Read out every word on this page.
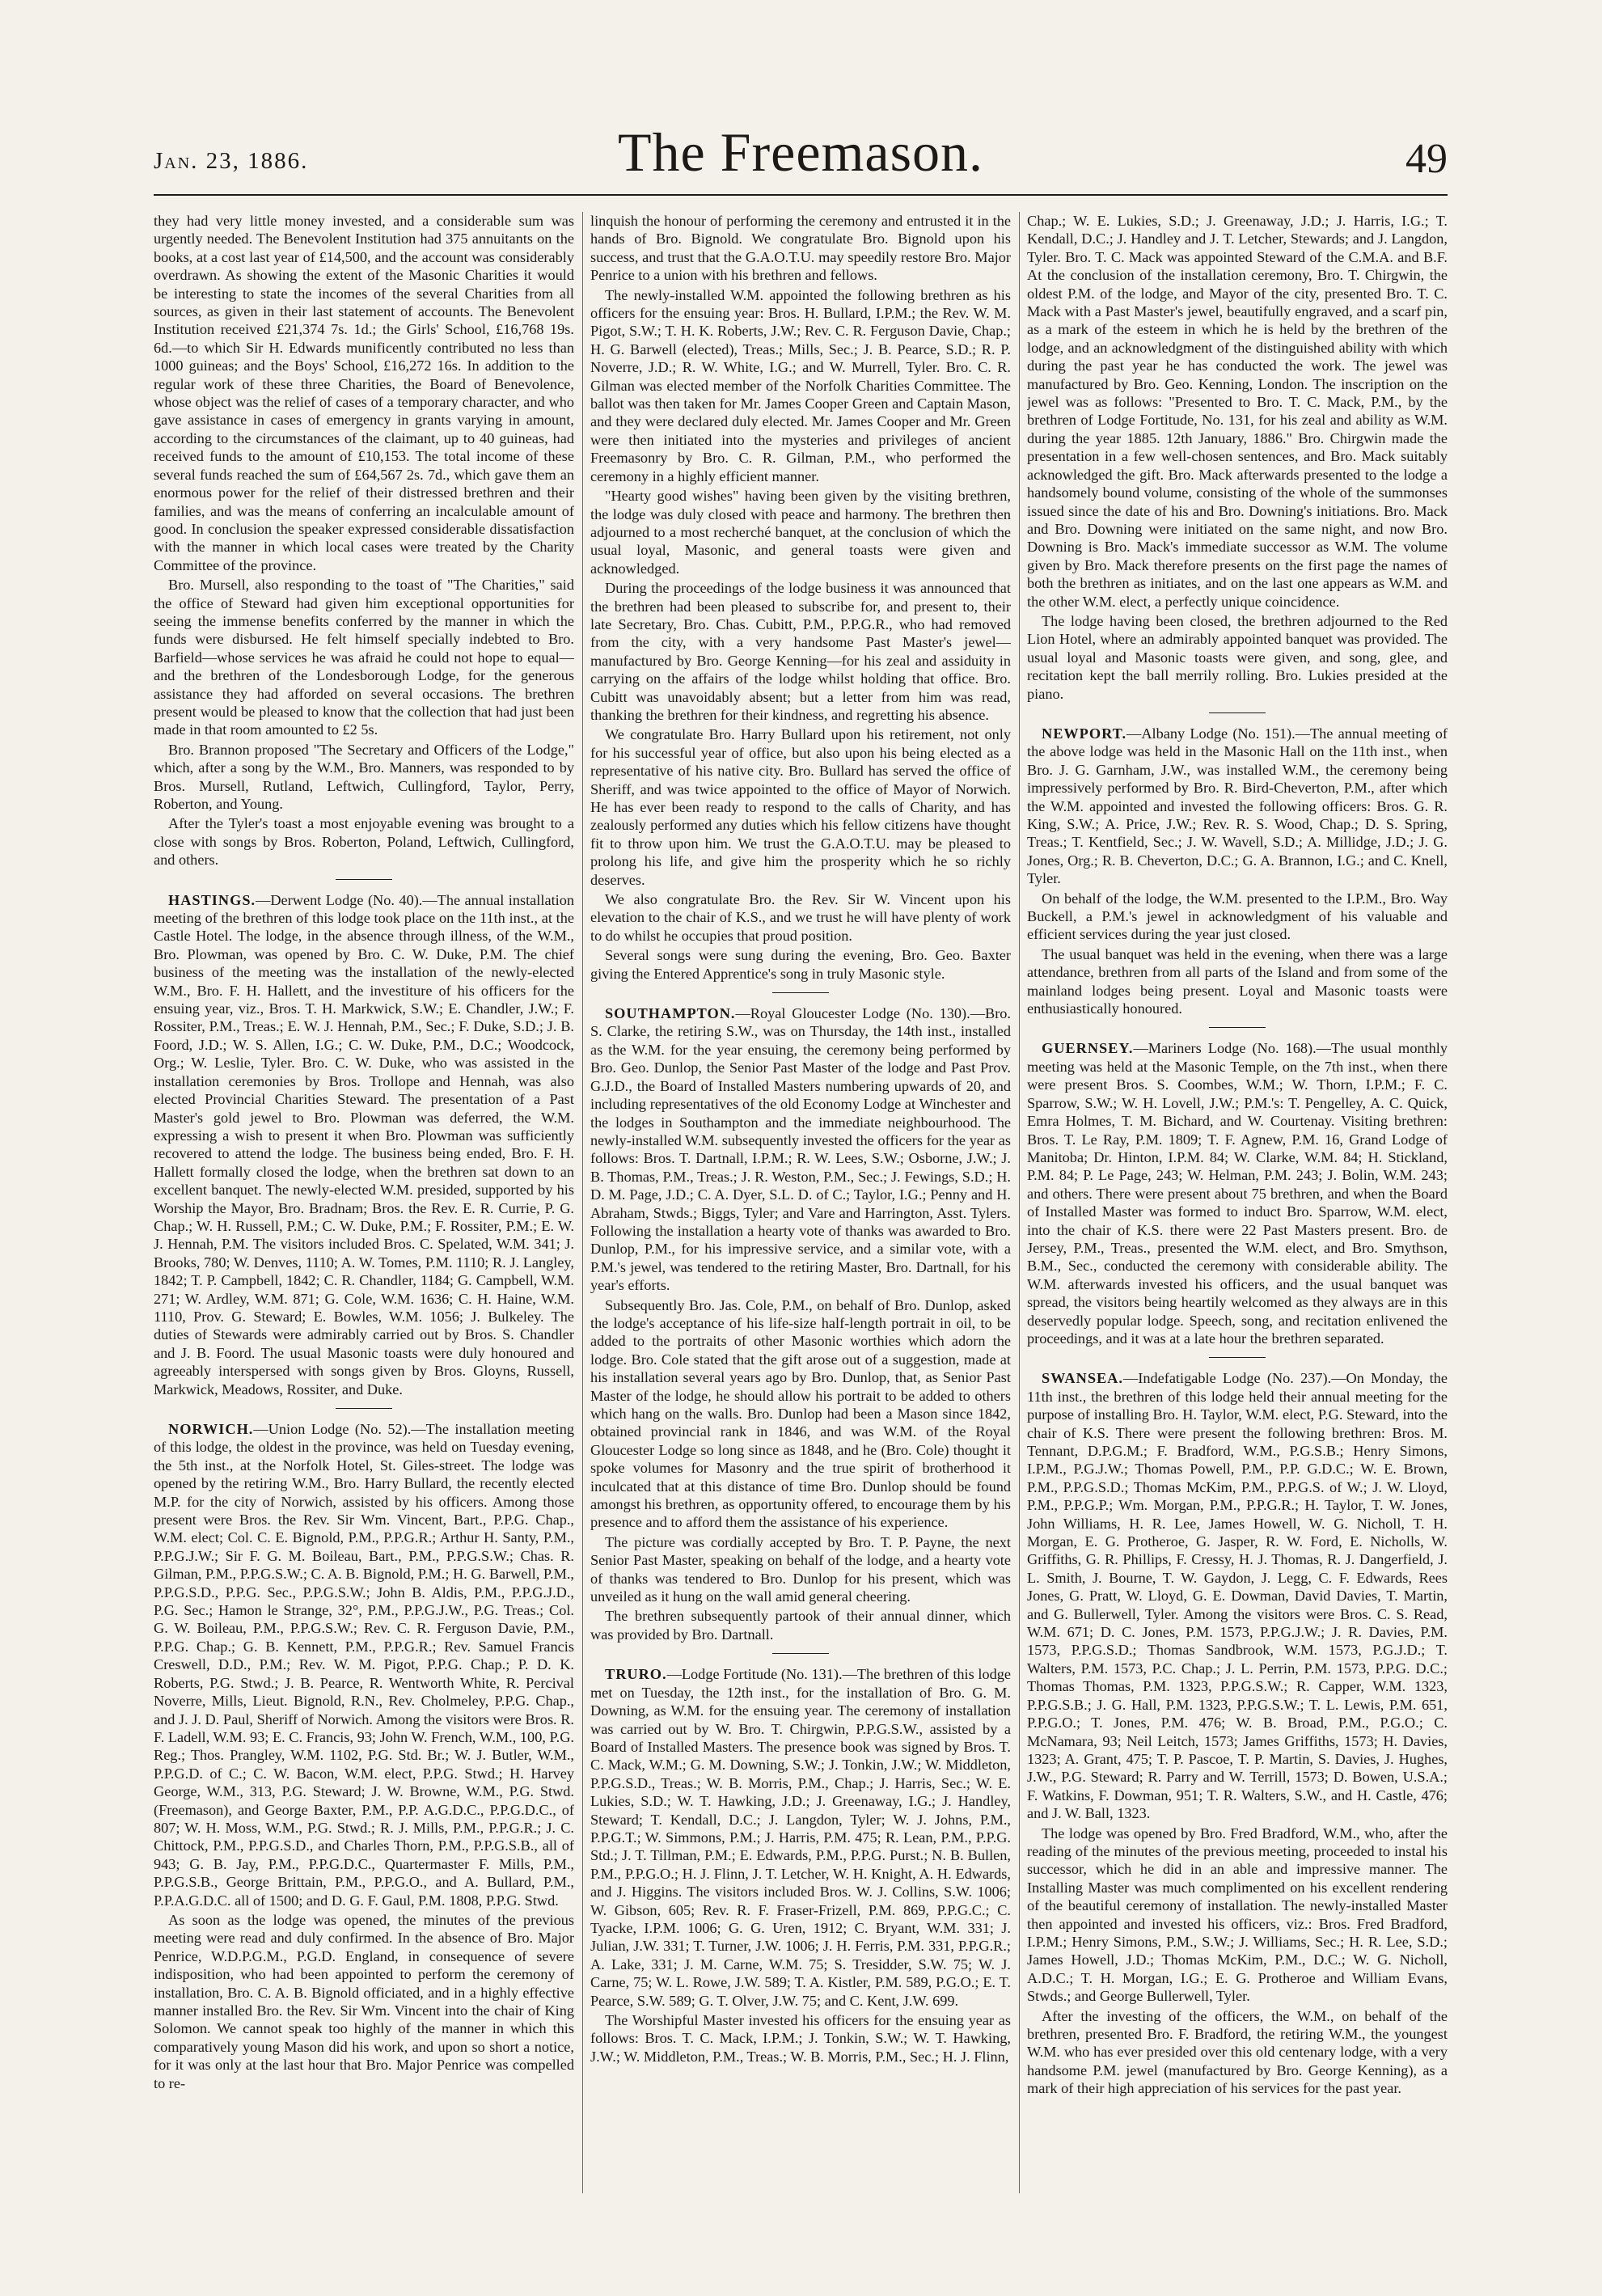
Jan. 23, 1886.	The Freemason.	49

they had very little money invested, and a considerable sum was urgently needed. The Benevolent Institution had 375 annuitants on the books, at a cost last year of £14,500, and the account was considerably overdrawn. As showing the extent of the Masonic Charities it would be interesting to state the incomes of the several Charities from all sources, as given in their last statement of accounts. The Benevolent Institution received £21,374 7s. 1d.; the Girls' School, £16,768 19s. 6d.—to which Sir H. Edwards munificently contributed no less than 1000 guineas; and the Boys' School, £16,272 16s. In addition to the regular work of these three Charities, the Board of Benevolence, whose object was the relief of cases of a temporary character, and who gave assistance in cases of emergency in grants varying in amount, according to the circumstances of the claimant, up to 40 guineas, had received funds to the amount of £10,153. The total income of these several funds reached the sum of £64,567 2s. 7d., which gave them an enormous power for the relief of their distressed brethren and their families, and was the means of conferring an incalculable amount of good. In conclusion the speaker expressed considerable dissatisfaction with the manner in which local cases were treated by the Charity Committee of the province.

Bro. Mursell, also responding to the toast of "The Charities," said the office of Steward had given him exceptional opportunities for seeing the immense benefits conferred by the manner in which the funds were disbursed. He felt himself specially indebted to Bro. Barfield—whose services he was afraid he could not hope to equal—and the brethren of the Londesborough Lodge, for the generous assistance they had afforded on several occasions. The brethren present would be pleased to know that the collection that had just been made in that room amounted to £2 5s.

Bro. Brannon proposed "The Secretary and Officers of the Lodge," which, after a song by the W.M., Bro. Manners, was responded to by Bros. Mursell, Rutland, Leftwich, Cullingford, Taylor, Perry, Roberton, and Young.

After the Tyler's toast a most enjoyable evening was brought to a close with songs by Bros. Roberton, Poland, Leftwich, Cullingford, and others.

HASTINGS.—Derwent Lodge (No. 40).—The annual installation meeting of the brethren of this lodge took place on the 11th inst., at the Castle Hotel. The lodge, in the absence through illness, of the W.M., Bro. Plowman, was opened by Bro. C. W. Duke, P.M. The chief business of the meeting was the installation of the newly-elected W.M., Bro. F. H. Hallett, and the investiture of his officers for the ensuing year, viz., Bros. T. H. Markwick, S.W.; E. Chandler, J.W.; F. Rossiter, P.M., Treas.; E. W. J. Hennah, P.M., Sec.; F. Duke, S.D.; J. B. Foord, J.D.; W. S. Allen, I.G.; C. W. Duke, P.M., D.C.; Woodcock, Org.; W. Leslie, Tyler. Bro. C. W. Duke, who was assisted in the installation ceremonies by Bros. Trollope and Hennah, was also elected Provincial Charities Steward. The presentation of a Past Master's gold jewel to Bro. Plowman was deferred, the W.M. expressing a wish to present it when Bro. Plowman was sufficiently recovered to attend the lodge. The business being ended, Bro. F. H. Hallett formally closed the lodge, when the brethren sat down to an excellent banquet. The newly-elected W.M. presided, supported by his Worship the Mayor, Bro. Bradnam; Bros. the Rev. E. R. Currie, P. G. Chap.; W. H. Russell, P.M.; C. W. Duke, P.M.; F. Rossiter, P.M.; E. W. J. Hennah, P.M. The visitors included Bros. C. Spelated, W.M. 341; J. Brooks, 780; W. Denves, 1110; A. W. Tomes, P.M. 1110; R. J. Langley, 1842; T. P. Campbell, 1842; C. R. Chandler, 1184; G. Campbell, W.M. 271; W. Ardley, W.M. 871; G. Cole, W.M. 1636; C. H. Haine, W.M. 1110, Prov. G. Steward; E. Bowles, W.M. 1056; J. Bulkeley. The duties of Stewards were admirably carried out by Bros. S. Chandler and J. B. Foord. The usual Masonic toasts were duly honoured and agreeably interspersed with songs given by Bros. Gloyns, Russell, Markwick, Meadows, Rossiter, and Duke.
NORWICH.—Union Lodge (No. 52).—The installation meeting of this lodge, the oldest in the province, was held on Tuesday evening, the 5th inst., at the Norfolk Hotel, St. Giles-street. The lodge was opened by the retiring W.M., Bro. Harry Bullard, the recently elected M.P. for the city of Norwich, assisted by his officers. Among those present were Bros. the Rev. Sir Wm. Vincent, Bart., P.P.G. Chap., W.M. elect; Col. C. E. Bignold, P.M., P.P.G.R.; Arthur H. Santy, P.M., P.P.G.J.W.; Sir F. G. M. Boileau, Bart., P.M., P.P.G.S.W.; Chas. R. Gilman, P.M., P.P.G.S.W.; C. A. B. Bignold, P.M.; H. G. Barwell, P.M., P.P.G.S.D., P.P.G. Sec., P.P.G.S.W.; John B. Aldis, P.M., P.P.G.J.D., P.G. Sec.; Hamon le Strange, 32°, P.M., P.P.G.J.W., P.G. Treas.; Col. G. W. Boileau, P.M., P.P.G.S.W.; Rev. C. R. Ferguson Davie, P.M., P.P.G. Chap.; G. B. Kennett, P.M., P.P.G.R.; Rev. Samuel Francis Creswell, D.D., P.M.; Rev. W. M. Pigot, P.P.G. Chap.; P. D. K. Roberts, P.G. Stwd.; J. B. Pearce, R. Wentworth White, R. Percival Noverre, Mills, Lieut. Bignold, R.N., Rev. Cholmeley, P.P.G. Chap., and J. J. D. Paul, Sheriff of Norwich. Among the visitors were Bros. R. F. Ladell, W.M. 93; E. C. Francis, 93; John W. French, W.M., 100, P.G. Reg.; Thos. Prangley, W.M. 1102, P.G. Std. Br.; W. J. Butler, W.M., P.P.G.D. of C.; C. W. Bacon, W.M. elect, P.P.G. Stwd.; H. Harvey George, W.M., 313, P.G. Steward; J. W. Browne, W.M., P.G. Stwd. (Freemason), and George Baxter, P.M., P.P. A.G.D.C., P.P.G.D.C., of 807; W. H. Moss, W.M., P.G. Stwd.; R. J. Mills, P.M., P.P.G.R.; J. C. Chittock, P.M., P.P.G.S.D., and Charles Thorn, P.M., P.P.G.S.B., all of 943; G. B. Jay, P.M., P.P.G.D.C., Quartermaster F. Mills, P.M., P.P.G.S.B., George Brittain, P.M., P.P.G.O., and A. Bullard, P.M., P.P.A.G.D.C. all of 1500; and D. G. F. Gaul, P.M. 1808, P.P.G. Stwd.

As soon as the lodge was opened, the minutes of the previous meeting were read and duly confirmed. In the absence of Bro. Major Penrice, W.D.P.G.M., P.G.D. England, in consequence of severe indisposition, who had been appointed to perform the ceremony of installation, Bro. C. A. B. Bignold officiated, and in a highly effective manner installed Bro. the Rev. Sir Wm. Vincent into the chair of King Solomon. We cannot speak too highly of the manner in which this comparatively young Mason did his work, and upon so short a notice, for it was only at the last hour that Bro. Major Penrice was compelled to re-

linquish the honour of performing the ceremony and entrusted it in the hands of Bro. Bignold. We congratulate Bro. Bignold upon his success, and trust that the G.A.O.T.U. may speedily restore Bro. Major Penrice to a union with his brethren and fellows.

The newly-installed W.M. appointed the following brethren as his officers for the ensuing year: Bros. H. Bullard, I.P.M.; the Rev. W. M. Pigot, S.W.; T. H. K. Roberts, J.W.; Rev. C. R. Ferguson Davie, Chap.; H. G. Barwell (elected), Treas.; Mills, Sec.; J. B. Pearce, S.D.; R. P. Noverre, J.D.; R. W. White, I.G.; and W. Murrell, Tyler. Bro. C. R. Gilman was elected member of the Norfolk Charities Committee. The ballot was then taken for Mr. James Cooper Green and Captain Mason, and they were declared duly elected. Mr. James Cooper and Mr. Green were then initiated into the mysteries and privileges of ancient Freemasonry by Bro. C. R. Gilman, P.M., who performed the ceremony in a highly efficient manner.

"Hearty good wishes" having been given by the visiting brethren, the lodge was duly closed with peace and harmony. The brethren then adjourned to a most recherché banquet, at the conclusion of which the usual loyal, Masonic, and general toasts were given and acknowledged.

During the proceedings of the lodge business it was announced that the brethren had been pleased to subscribe for, and present to, their late Secretary, Bro. Chas. Cubitt, P.M., P.P.G.R., who had removed from the city, with a very handsome Past Master's jewel—manufactured by Bro. George Kenning—for his zeal and assiduity in carrying on the affairs of the lodge whilst holding that office. Bro. Cubitt was unavoidably absent; but a letter from him was read, thanking the brethren for their kindness, and regretting his absence.

We congratulate Bro. Harry Bullard upon his retirement, not only for his successful year of office, but also upon his being elected as a representative of his native city. Bro. Bullard has served the office of Sheriff, and was twice appointed to the office of Mayor of Norwich. He has ever been ready to respond to the calls of Charity, and has zealously performed any duties which his fellow citizens have thought fit to throw upon him. We trust the G.A.O.T.U. may be pleased to prolong his life, and give him the prosperity which he so richly deserves.

We also congratulate Bro. the Rev. Sir W. Vincent upon his elevation to the chair of K.S., and we trust he will have plenty of work to do whilst he occupies that proud position.

Several songs were sung during the evening, Bro. Geo. Baxter giving the Entered Apprentice's song in truly Masonic style.

SOUTHAMPTON.—Royal Gloucester Lodge (No. 130).—Bro. S. Clarke, the retiring S.W., was on Thursday, the 14th inst., installed as the W.M. for the year ensuing, the ceremony being performed by Bro. Geo. Dunlop, the Senior Past Master of the lodge and Past Prov. G.J.D., the Board of Installed Masters numbering upwards of 20, and including representatives of the old Economy Lodge at Winchester and the lodges in Southampton and the immediate neighbourhood. The newly-installed W.M. subsequently invested the officers for the year as follows: Bros. T. Dartnall, I.P.M.; R. W. Lees, S.W.; Osborne, J.W.; J. B. Thomas, P.M., Treas.; J. R. Weston, P.M., Sec.; J. Fewings, S.D.; H. D. M. Page, J.D.; C. A. Dyer, S.L. D. of C.; Taylor, I.G.; Penny and H. Abraham, Stwds.; Biggs, Tyler; and Vare and Harrington, Asst. Tylers. Following the installation a hearty vote of thanks was awarded to Bro. Dunlop, P.M., for his impressive service, and a similar vote, with a P.M.'s jewel, was tendered to the retiring Master, Bro. Dartnall, for his year's efforts.

Subsequently Bro. Jas. Cole, P.M., on behalf of Bro. Dunlop, asked the lodge's acceptance of his life-size half-length portrait in oil, to be added to the portraits of other Masonic worthies which adorn the lodge. Bro. Cole stated that the gift arose out of a suggestion, made at his installation several years ago by Bro. Dunlop, that, as Senior Past Master of the lodge, he should allow his portrait to be added to others which hang on the walls. Bro. Dunlop had been a Mason since 1842, obtained provincial rank in 1846, and was W.M. of the Royal Gloucester Lodge so long since as 1848, and he (Bro. Cole) thought it spoke volumes for Masonry and the true spirit of brotherhood it inculcated that at this distance of time Bro. Dunlop should be found amongst his brethren, as opportunity offered, to encourage them by his presence and to afford them the assistance of his experience.

The picture was cordially accepted by Bro. T. P. Payne, the next Senior Past Master, speaking on behalf of the lodge, and a hearty vote of thanks was tendered to Bro. Dunlop for his present, which was unveiled as it hung on the wall amid general cheering.

The brethren subsequently partook of their annual dinner, which was provided by Bro. Dartnall.

TRURO.—Lodge Fortitude (No. 131).—The brethren of this lodge met on Tuesday, the 12th inst., for the installation of Bro. G. M. Downing, as W.M. for the ensuing year. The ceremony of installation was carried out by W. Bro. T. Chirgwin, P.P.G.S.W., assisted by a Board of Installed Masters. The presence book was signed by Bros. T. C. Mack, W.M.; G. M. Downing, S.W.; J. Tonkin, J.W.; W. Middleton, P.P.G.S.D., Treas.; W. B. Morris, P.M., Chap.; J. Harris, Sec.; W. E. Lukies, S.D.; W. T. Hawking, J.D.; J. Greenaway, I.G.; J. Handley, Steward; T. Kendall, D.C.; J. Langdon, Tyler; W. J. Johns, P.M., P.P.G.T.; W. Simmons, P.M.; J. Harris, P.M. 475; R. Lean, P.M., P.P.G. Std.; J. T. Tillman, P.M.; E. Edwards, P.M., P.P.G. Purst.; N. B. Bullen, P.M., P.P.G.O.; H. J. Flinn, J. T. Letcher, W. H. Knight, A. H. Edwards, and J. Higgins. The visitors included Bros. W. J. Collins, S.W. 1006; W. Gibson, 605; Rev. R. F. Fraser-Frizell, P.M. 869, P.P.G.C.; C. Tyacke, I.P.M. 1006; G. G. Uren, 1912; C. Bryant, W.M. 331; J. Julian, J.W. 331; T. Turner, J.W. 1006; J. H. Ferris, P.M. 331, P.P.G.R.; A. Lake, 331; J. M. Carne, W.M. 75; S. Tresidder, S.W. 75; W. J. Carne, 75; W. L. Rowe, J.W. 589; T. A. Kistler, P.M. 589, P.G.O.; E. T. Pearce, S.W. 589; G. T. Olver, J.W. 75; and C. Kent, J.W. 699.

The Worshipful Master invested his officers for the ensuing year as follows: Bros. T. C. Mack, I.P.M.; J. Tonkin, S.W.; W. T. Hawking, J.W.; W. Middleton, P.M., Treas.; W. B. Morris, P.M., Sec.; H. J. Flinn,

Chap.; W. E. Lukies, S.D.; J. Greenaway, J.D.; J. Harris, I.G.; T. Kendall, D.C.; J. Handley and J. T. Letcher, Stewards; and J. Langdon, Tyler. Bro. T. C. Mack was appointed Steward of the C.M.A. and B.F. At the conclusion of the installation ceremony, Bro. T. Chirgwin, the oldest P.M. of the lodge, and Mayor of the city, presented Bro. T. C. Mack with a Past Master's jewel, beautifully engraved, and a scarf pin, as a mark of the esteem in which he is held by the brethren of the lodge, and an acknowledgment of the distinguished ability with which during the past year he has conducted the work. The jewel was manufactured by Bro. Geo. Kenning, London. The inscription on the jewel was as follows: "Presented to Bro. T. C. Mack, P.M., by the brethren of Lodge Fortitude, No. 131, for his zeal and ability as W.M. during the year 1885. 12th January, 1886." Bro. Chirgwin made the presentation in a few well-chosen sentences, and Bro. Mack suitably acknowledged the gift. Bro. Mack afterwards presented to the lodge a handsomely bound volume, consisting of the whole of the summonses issued since the date of his and Bro. Downing's initiations. Bro. Mack and Bro. Downing were initiated on the same night, and now Bro. Downing is Bro. Mack's immediate successor as W.M. The volume given by Bro. Mack therefore presents on the first page the names of both the brethren as initiates, and on the last one appears as W.M. and the other W.M. elect, a perfectly unique coincidence.

The lodge having been closed, the brethren adjourned to the Red Lion Hotel, where an admirably appointed banquet was provided. The usual loyal and Masonic toasts were given, and song, glee, and recitation kept the ball merrily rolling. Bro. Lukies presided at the piano.

NEWPORT.—Albany Lodge (No. 151).—The annual meeting of the above lodge was held in the Masonic Hall on the 11th inst., when Bro. J. G. Garnham, J.W., was installed W.M., the ceremony being impressively performed by Bro. R. Bird-Cheverton, P.M., after which the W.M. appointed and invested the following officers: Bros. G. R. King, S.W.; A. Price, J.W.; Rev. R. S. Wood, Chap.; D. S. Spring, Treas.; T. Kentfield, Sec.; J. W. Wavell, S.D.; A. Millidge, J.D.; J. G. Jones, Org.; R. B. Cheverton, D.C.; G. A. Brannon, I.G.; and C. Knell, Tyler.

On behalf of the lodge, the W.M. presented to the I.P.M., Bro. Way Buckell, a P.M.'s jewel in acknowledgment of his valuable and efficient services during the year just closed.

The usual banquet was held in the evening, when there was a large attendance, brethren from all parts of the Island and from some of the mainland lodges being present. Loyal and Masonic toasts were enthusiastically honoured.

GUERNSEY.—Mariners Lodge (No. 168).—The usual monthly meeting was held at the Masonic Temple, on the 7th inst., when there were present Bros. S. Coombes, W.M.; W. Thorn, I.P.M.; F. C. Sparrow, S.W.; W. H. Lovell, J.W.; P.M.'s: T. Pengelley, A. C. Quick, Emra Holmes, T. M. Bichard, and W. Courtenay. Visiting brethren: Bros. T. Le Ray, P.M. 1809; T. F. Agnew, P.M. 16, Grand Lodge of Manitoba; Dr. Hinton, I.P.M. 84; W. Clarke, W.M. 84; H. Stickland, P.M. 84; P. Le Page, 243; W. Helman, P.M. 243; J. Bolin, W.M. 243; and others. There were present about 75 brethren, and when the Board of Installed Master was formed to induct Bro. Sparrow, W.M. elect, into the chair of K.S. there were 22 Past Masters present. Bro. de Jersey, P.M., Treas., presented the W.M. elect, and Bro. Smythson, B.M., Sec., conducted the ceremony with considerable ability. The W.M. afterwards invested his officers, and the usual banquet was spread, the visitors being heartily welcomed as they always are in this deservedly popular lodge. Speech, song, and recitation enlivened the proceedings, and it was at a late hour the brethren separated.
SWANSEA.—Indefatigable Lodge (No. 237).—On Monday, the 11th inst., the brethren of this lodge held their annual meeting for the purpose of installing Bro. H. Taylor, W.M. elect, P.G. Steward, into the chair of K.S. There were present the following brethren: Bros. M. Tennant, D.P.G.M.; F. Bradford, W.M., P.G.S.B.; Henry Simons, I.P.M., P.G.J.W.; Thomas Powell, P.M., P.P. G.D.C.; W. E. Brown, P.M., P.P.G.S.D.; Thomas McKim, P.M., P.P.G.S. of W.; J. W. Lloyd, P.M., P.P.G.P.; Wm. Morgan, P.M., P.P.G.R.; H. Taylor, T. W. Jones, John Williams, H. R. Lee, James Howell, W. G. Nicholl, T. H. Morgan, E. G. Protheroe, G. Jasper, R. W. Ford, E. Nicholls, W. Griffiths, G. R. Phillips, F. Cressy, H. J. Thomas, R. J. Dangerfield, J. L. Smith, J. Bourne, T. W. Gaydon, J. Legg, C. F. Edwards, Rees Jones, G. Pratt, W. Lloyd, G. E. Dowman, David Davies, T. Martin, and G. Bullerwell, Tyler. Among the visitors were Bros. C. S. Read, W.M. 671; D. C. Jones, P.M. 1573, P.P.G.J.W.; J. R. Davies, P.M. 1573, P.P.G.S.D.; Thomas Sandbrook, W.M. 1573, P.G.J.D.; T. Walters, P.M. 1573, P.C. Chap.; J. L. Perrin, P.M. 1573, P.P.G. D.C.; Thomas Thomas, P.M. 1323, P.P.G.S.W.; R. Capper, W.M. 1323, P.P.G.S.B.; J. G. Hall, P.M. 1323, P.P.G.S.W.; T. L. Lewis, P.M. 651, P.P.G.O.; T. Jones, P.M. 476; W. B. Broad, P.M., P.G.O.; C. McNamara, 93; Neil Leitch, 1573; James Griffiths, 1573; H. Davies, 1323; A. Grant, 475; T. P. Pascoe, T. P. Martin, S. Davies, J. Hughes, J.W., P.G. Steward; R. Parry and W. Terrill, 1573; D. Bowen, U.S.A.; F. Watkins, F. Dowman, 951; T. R. Walters, S.W., and H. Castle, 476; and J. W. Ball, 1323.

The lodge was opened by Bro. Fred Bradford, W.M., who, after the reading of the minutes of the previous meeting, proceeded to instal his successor, which he did in an able and impressive manner. The Installing Master was much complimented on his excellent rendering of the beautiful ceremony of installation. The newly-installed Master then appointed and invested his officers, viz.: Bros. Fred Bradford, I.P.M.; Henry Simons, P.M., S.W.; J. Williams, Sec.; H. R. Lee, S.D.; James Howell, J.D.; Thomas McKim, P.M., D.C.; W. G. Nicholl, A.D.C.; T. H. Morgan, I.G.; E. G. Protheroe and William Evans, Stwds.; and George Bullerwell, Tyler.

After the investing of the officers, the W.M., on behalf of the brethren, presented Bro. F. Bradford, the retiring W.M., the youngest W.M. who has ever presided over this old centenary lodge, with a very handsome P.M. jewel (manufactured by Bro. George Kenning), as a mark of their high appreciation of his services for the past year.
